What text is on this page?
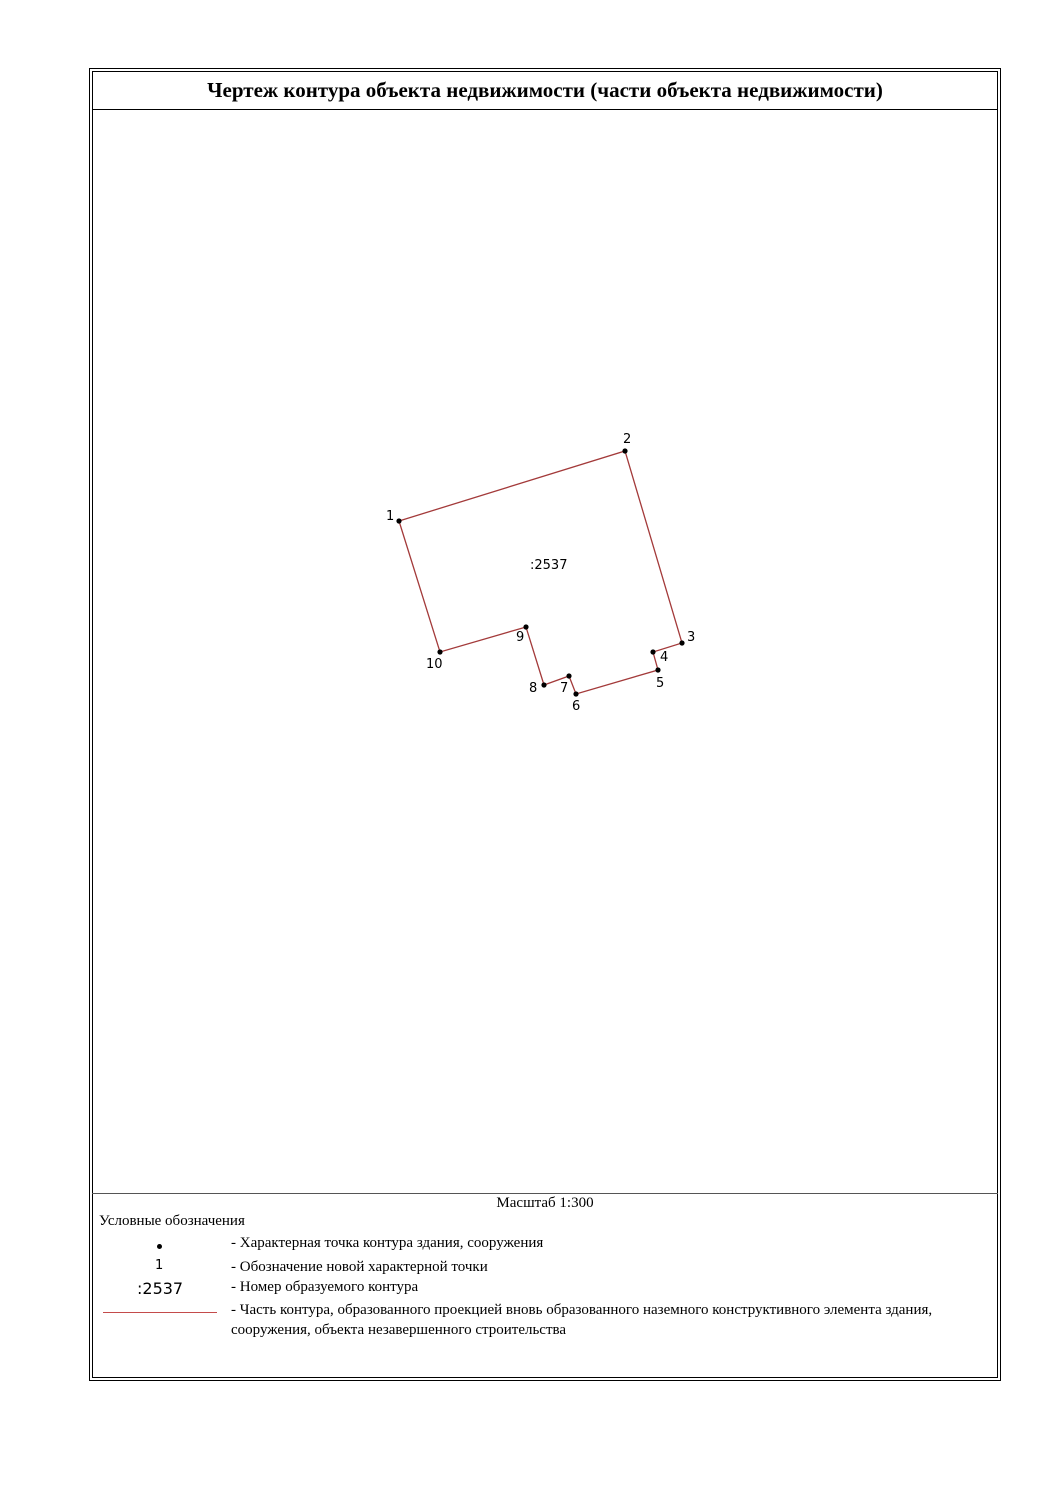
Чертеж контура объекта недвижимости (части объекта недвижимости)
1
2
3
4
5
6
7
8
9
10
:2537
Масштаб 1:300
Условные обозначения
- Характерная точка контура здания, сооружения
1	- Обозначение новой характерной точки
:2537	- Номер образуемого контура
- Часть контура, образованного проекцией вновь образованного наземного конструктивного элемента здания, сооружения, объекта незавершенного строительства
